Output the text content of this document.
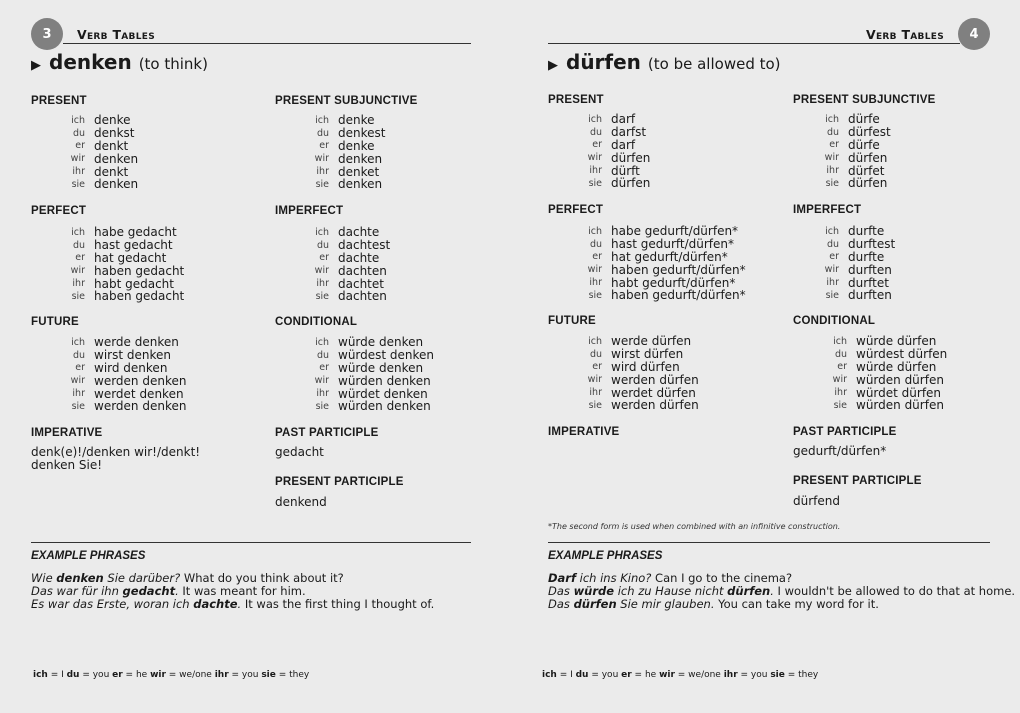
3	Verb Tables
▶ denken (to think)
PRESENT
ich denke
du denkst
er denkt
wir denken
ihr denkt
sie denken
PRESENT SUBJUNCTIVE
ich denke
du denkest
er denke
wir denken
ihr denket
sie denken
PERFECT
ich habe gedacht
du hast gedacht
er hat gedacht
wir haben gedacht
ihr habt gedacht
sie haben gedacht
IMPERFECT
ich dachte
du dachtest
er dachte
wir dachten
ihr dachtet
sie dachten
FUTURE
ich werde denken
du wirst denken
er wird denken
wir werden denken
ihr werdet denken
sie werden denken
CONDITIONAL
ich würde denken
du würdest denken
er würde denken
wir würden denken
ihr würdet denken
sie würden denken
IMPERATIVE
denk(e)!/denken wir!/denkt!
denken Sie!
PAST PARTICIPLE
gedacht
PRESENT PARTICIPLE
denkend
EXAMPLE PHRASES
Wie denken Sie darüber? What do you think about it?
Das war für ihn gedacht. It was meant for him.
Es war das Erste, woran ich dachte. It was the first thing I thought of.
ich = I du = you er = he wir = we/one ihr = you sie = they
4
Verb Tables
▶ dürfen (to be allowed to)
PRESENT
ich darf
du darfst
er darf
wir dürfen
ihr dürft
sie dürfen
PRESENT SUBJUNCTIVE
ich dürfe
du dürfest
er dürfe
wir dürfen
ihr dürfet
sie dürfen
PERFECT
ich habe gedurft/dürfen*
du hast gedurft/dürfen*
er hat gedurft/dürfen*
wir haben gedurft/dürfen*
ihr habt gedurft/dürfen*
sie haben gedurft/dürfen*
IMPERFECT
ich durfte
du durftest
er durfte
wir durften
ihr durftet
sie durften
FUTURE
ich werde dürfen
du wirst dürfen
er wird dürfen
wir werden dürfen
ihr werdet dürfen
sie werden dürfen
CONDITIONAL
ich würde dürfen
du würdest dürfen
er würde dürfen
wir würden dürfen
ihr würdet dürfen
sie würden dürfen
IMPERATIVE	PAST PARTICIPLE
gedurft/dürfen*
PRESENT PARTICIPLE
dürfend
*The second form is used when combined with an infinitive construction.
EXAMPLE PHRASES
Darf ich ins Kino? Can I go to the cinema?
Das würde ich zu Hause nicht dürfen. I wouldn't be allowed to do that at home.
Das dürfen Sie mir glauben. You can take my word for it.
ich = I du = you er = he wir = we/one ihr = you sie = they
